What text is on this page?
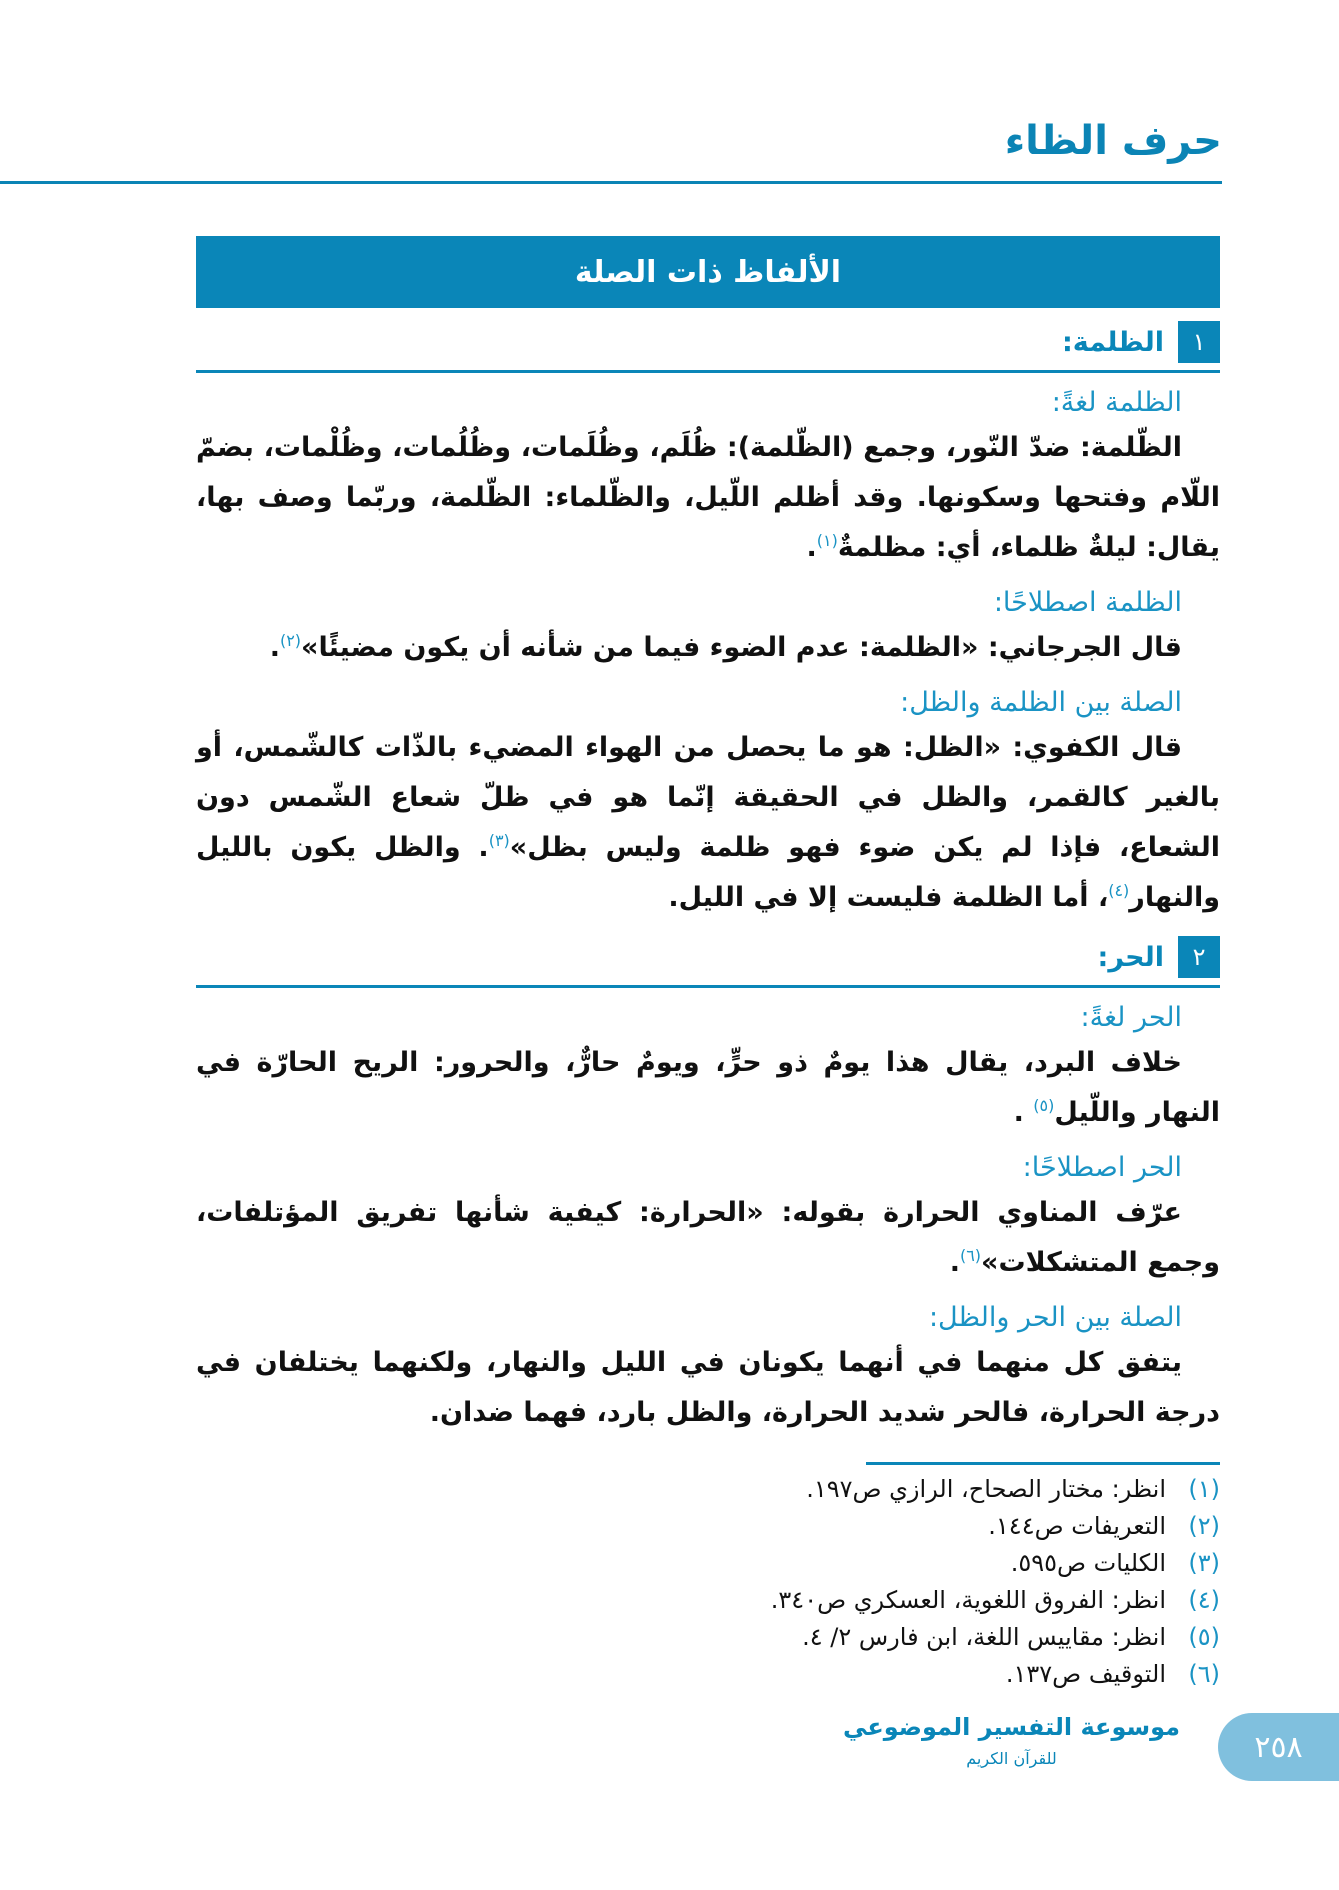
حرف الظاء
الألفاظ ذات الصلة
١
الظلمة:
الظلمة لغةً:

الظّلمة: ضدّ النّور، وجمع (الظّلمة): ظُلَم، وظُلَمات، وظُلُمات، وظُلْمات، بضمّ اللّام وفتحها وسكونها. وقد أظلم اللّيل، والظّلماء: الظّلمة، وربّما وصف بها، يقال: ليلةٌ ظلماء، أي: مظلمةٌ$^{(١)}$.

الظلمة اصطلاحًا:

قال الجرجاني: «الظلمة: عدم الضوء فيما من شأنه أن يكون مضيئًا»$^{(٢)}$.

الصلة بين الظلمة والظل:

قال الكفوي: «الظل: هو ما يحصل من الهواء المضيء بالذّات كالشّمس، أو بالغير كالقمر، والظل في الحقيقة إنّما هو في ظلّ شعاع الشّمس دون الشعاع، فإذا لم يكن ضوء فهو ظلمة وليس بظل»$^{(٣)}$. والظل يكون بالليل والنهار$^{(٤)}$، أما الظلمة فليست إلا في الليل.

٢
الحر:
الحر لغةً:

خلاف البرد، يقال هذا يومٌ ذو حرٍّ، ويومٌ حارٌّ، والحرور: الريح الحارّة في النهار واللّيل$^{(٥)}$ .

الحر اصطلاحًا:

عرّف المناوي الحرارة بقوله: «الحرارة: كيفية شأنها تفريق المؤتلفات، وجمع المتشكلات»$^{(٦)}$.

الصلة بين الحر والظل:

يتفق كل منهما في أنهما يكونان في الليل والنهار، ولكنهما يختلفان في درجة الحرارة، فالحر شديد الحرارة، والظل بارد، فهما ضدان.

(١)
انظر: مختار الصحاح، الرازي ص١٩٧.
(٢)
التعريفات ص١٤٤.
(٣)
الكليات ص٥٩٥.
(٤)
انظر: الفروق اللغوية، العسكري ص٣٤٠.
(٥)
انظر: مقاييس اللغة، ابن فارس ٢/ ٤.
(٦)
التوقيف ص١٣٧.
موسوعة التفسير الموضوعي
للقرآن الكريم	٢٥٨
